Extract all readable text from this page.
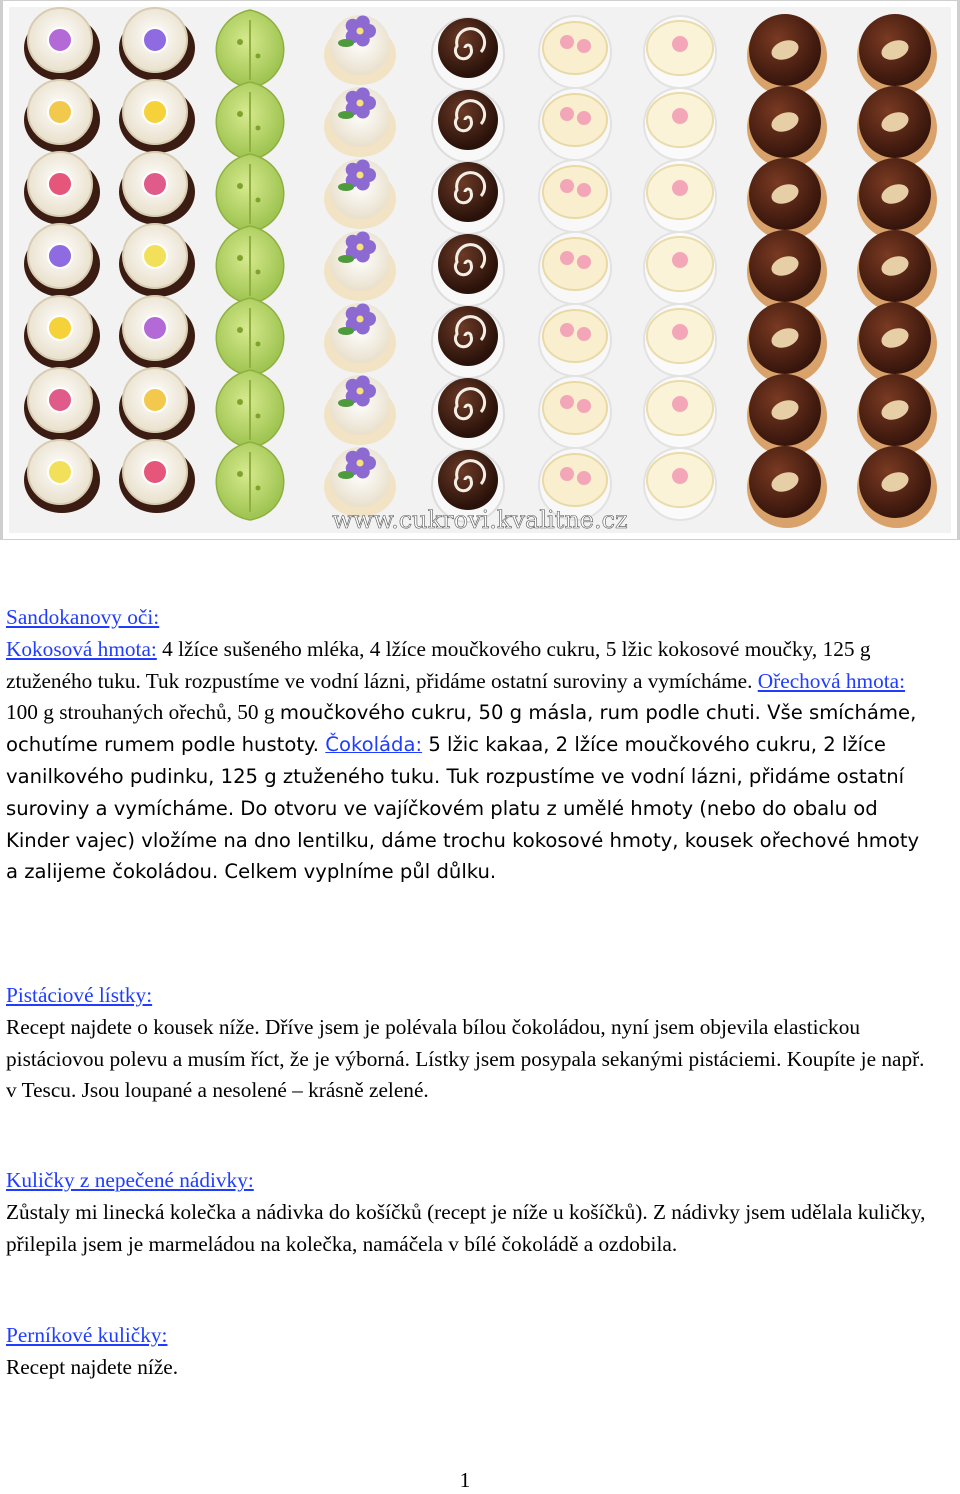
www.cukrovi.kvalitne.cz

Sandokanovy oči:

Kokosová hmota: 4 lžíce sušeného mléka, 4 lžíce moučkového cukru, 5 lžic kokosové moučky, 125 g ztuženého tuku. Tuk rozpustíme ve vodní lázni, přidáme ostatní suroviny a vymícháme. Ořechová hmota: 100 g strouhaných ořechů, 50 g moučkového cukru, 50 g másla, rum podle chuti. Vše smícháme, ochutíme rumem podle hustoty. Čokoláda: 5 lžic kakaa, 2 lžíce moučkového cukru, 2 lžíce vanilkového pudinku, 125 g ztuženého tuku. Tuk rozpustíme ve vodní lázni, přidáme ostatní suroviny a vymícháme. Do otvoru ve vajíčkovém platu z umělé hmoty (nebo do obalu od Kinder vajec) vložíme na dno lentilku, dáme trochu kokosové hmoty, kousek ořechové hmoty a zalijeme čokoládou. Celkem vyplníme půl důlku.

Pistáciové lístky:

Recept najdete o kousek níže. Dříve jsem je polévala bílou čokoládou, nyní jsem objevila elastickou pistáciovou polevu a musím říct, že je výborná. Lístky jsem posypala sekanými pistáciemi. Koupíte je např. v Tescu. Jsou loupané a nesolené – krásně zelené.

Kuličky z nepečené nádivky:

Zůstaly mi linecká kolečka a nádivka do košíčků (recept je níže u košíčků). Z nádivky jsem udělala kuličky, přilepila jsem je marmeládou na kolečka, namáčela v bílé čokoládě a ozdobila.

Perníkové kuličky:

Recept najdete níže.

1
